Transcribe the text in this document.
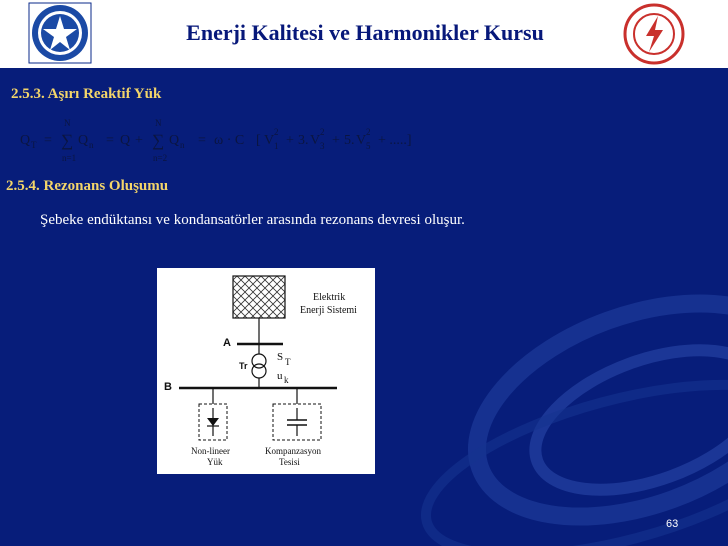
Enerji Kalitesi ve Harmonikler Kursu
2.5.3. Aşırı Reaktif Yük
Q T =
N
∑
n=1
Q n = Q +
N
∑
n=2
Q n = ω · C [ V
2
1 + 3. V
2
3 + 5. V
2
5 + .....]
2.5.4. Rezonans Oluşumu
Şebeke endüktansı ve kondansatörler arasında rezonans devresi oluşur.
Elektrik
Enerji Sistemi
A
Tr
S T
u k
B
Non-lineer
Yük
Kompanzasyon
Tesisi
63
